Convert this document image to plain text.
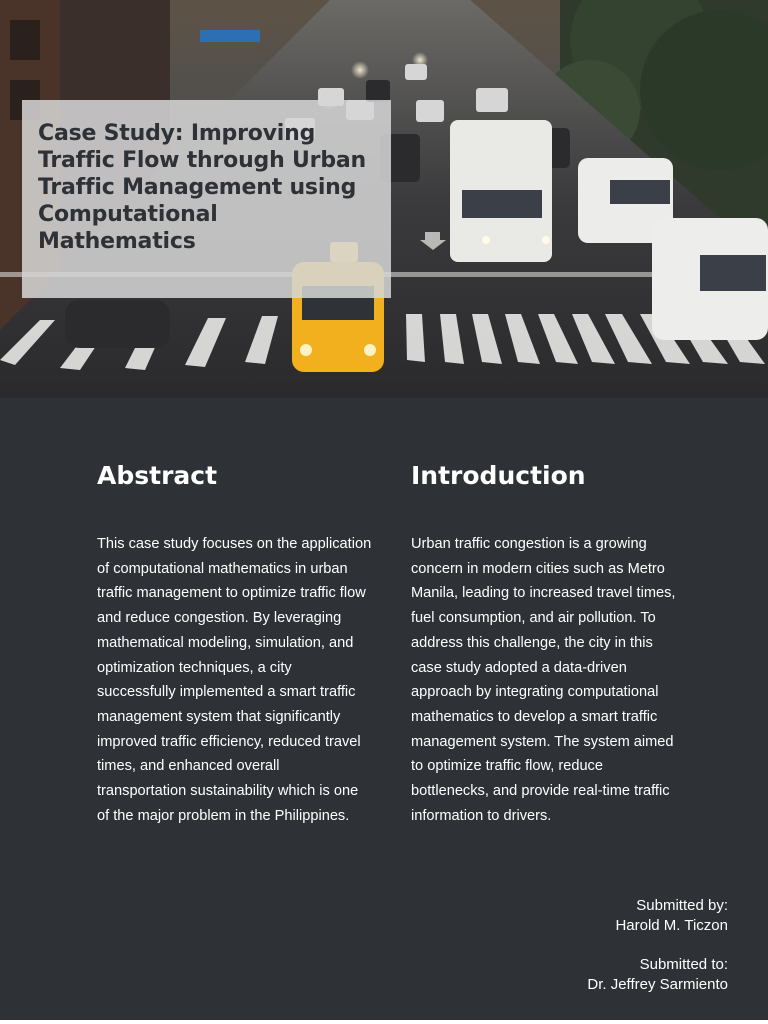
Case Study: Improving Traffic Flow through Urban Traffic Management using Computational Mathematics
Abstract

This case study focuses on the application of computational mathematics in urban traffic management to optimize traffic flow and reduce congestion. By leveraging mathematical modeling, simulation, and optimization techniques, a city successfully implemented a smart traffic management system that significantly improved traffic efficiency, reduced travel times, and enhanced overall transportation sustainability which is one of the major problem in the Philippines.

Introduction

Urban traffic congestion is a growing concern in modern cities such as Metro Manila, leading to increased travel times, fuel consumption, and air pollution. To address this challenge, the city in this case study adopted a data-driven approach by integrating computational mathematics to develop a smart traffic management system. The system aimed to optimize traffic flow, reduce bottlenecks, and provide real-time traffic information to drivers.

Submitted by:
Harold M. Ticzon
Submitted to:
Dr. Jeffrey Sarmiento
